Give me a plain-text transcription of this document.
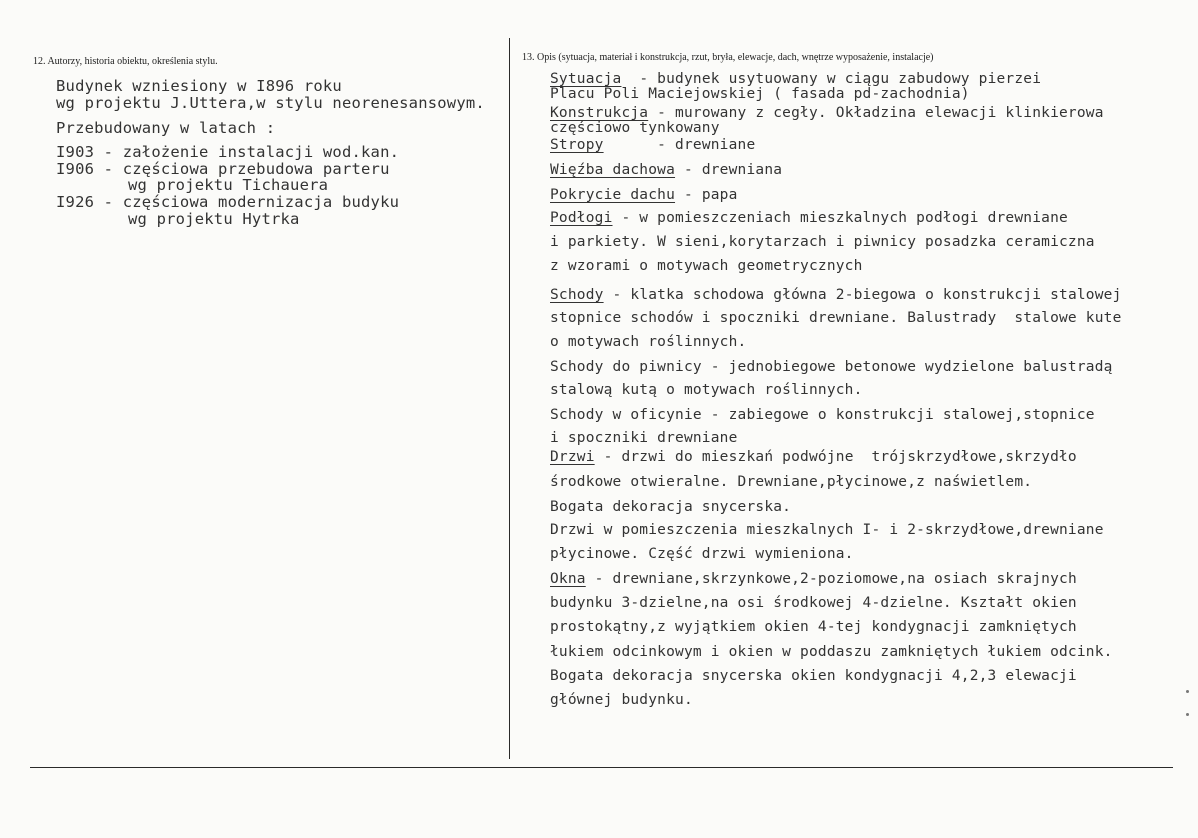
12. Autorzy, historia obiektu, określenia stylu.	13. Opis (sytuacja, materiał i konstrukcja, rzut, bryła, elewacje, dach, wnętrze wyposażenie, instalacje)
Budynek wzniesiony w I896 roku
wg projektu J.Uttera,w stylu neorenesansowym.
Przebudowany w latach :
I903 - założenie instalacji wod.kan.
I906 - częściowa przebudowa parteru
wg projektu Tichauera
I926 - częściowa modernizacja budyku
wg projektu Hytrka
Sytuacja  - budynek usytuowany w ciągu zabudowy pierzei
Placu Poli Maciejowskiej ( fasada pd-zachodnia)
Konstrukcja - murowany z cegły. Okładzina elewacji klinkierowa
częściowo tynkowany
Stropy      - drewniane
Więźba dachowa - drewniana
Pokrycie dachu - papa
Podłogi - w pomieszczeniach mieszkalnych podłogi drewniane
i parkiety. W sieni,korytarzach i piwnicy posadzka ceramiczna
z wzorami o motywach geometrycznych
Schody - klatka schodowa główna 2-biegowa o konstrukcji stalowej
stopnice schodów i spoczniki drewniane. Balustrady  stalowe kute
o motywach roślinnych.
Schody do piwnicy - jednobiegowe betonowe wydzielone balustradą
stalową kutą o motywach roślinnych.
Schody w oficynie - zabiegowe o konstrukcji stalowej,stopnice
i spoczniki drewniane
Drzwi - drzwi do mieszkań podwójne  trójskrzydłowe,skrzydło
środkowe otwieralne. Drewniane,płycinowe,z naświetlem.
Bogata dekoracja snycerska.
Drzwi w pomieszczenia mieszkalnych I- i 2-skrzydłowe,drewniane
płycinowe. Część drzwi wymieniona.
Okna - drewniane,skrzynkowe,2-poziomowe,na osiach skrajnych
budynku 3-dzielne,na osi środkowej 4-dzielne. Kształt okien
prostokątny,z wyjątkiem okien 4-tej kondygnacji zamkniętych
łukiem odcinkowym i okien w poddaszu zamkniętych łukiem odcink.
Bogata dekoracja snycerska okien kondygnacji 4,2,3 elewacji
głównej budynku.
